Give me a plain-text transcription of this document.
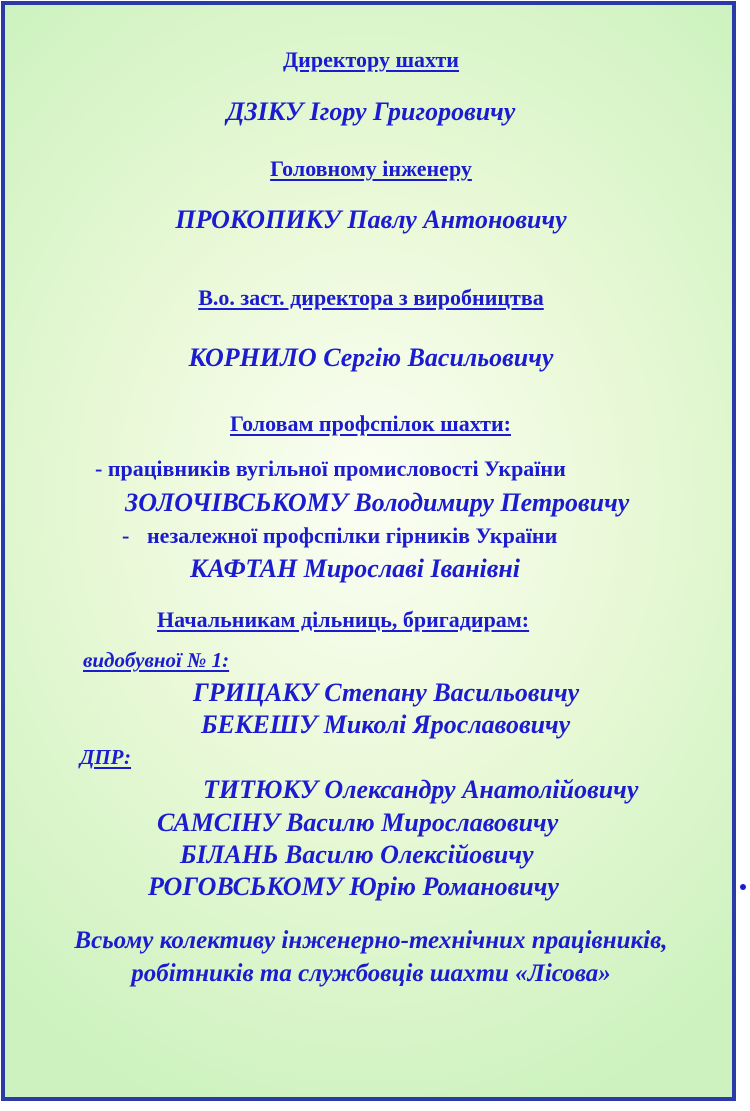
Директору шахти
ДЗІКУ Ігору Григоровичу
Головному інженеру
ПРОКОПИКУ Павлу Антоновичу
В.о. заст. директора з виробництва
КОРНИЛО Сергію Васильовичу
Головам профспілок шахти:
- працівників вугільної промисловості України
ЗОЛОЧІВСЬКОМУ Володимиру Петровичу
- незалежної профспілки гірників України
КАФТАН Мирославі Іванівні
Начальникам дільниць, бригадирам:
видобувної № 1:
ГРИЦАКУ Степану Васильовичу
БЕКЕШУ Миколі Ярославовичу
ДПР:
ТИТЮКУ Олександру Анатолійовичу
САМСІНУ Василю Мирославовичу
БІЛАНЬ Василю Олексійовичу
РОГОВСЬКОМУ Юрію Романовичу
Всьому колективу інженерно-технічних працівників,
робітників та службовців шахти «Лісова»
